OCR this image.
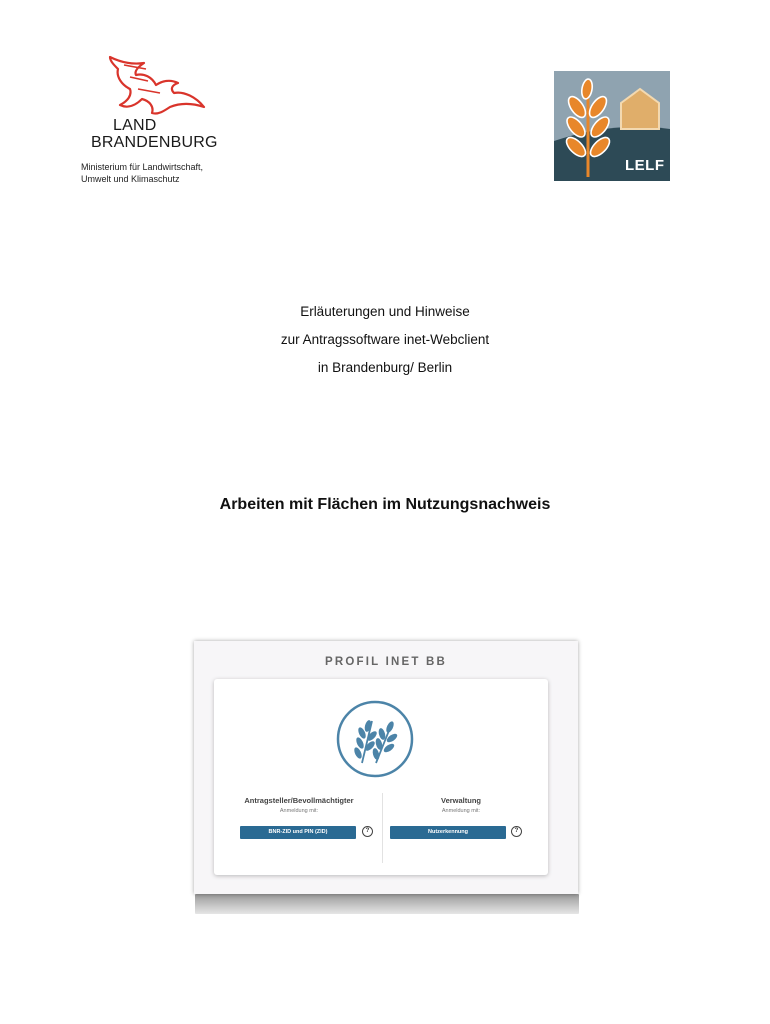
LAND
BRANDENBURG
Ministerium für Landwirtschaft,
Umwelt und Klimaschutz
LELF
Erläuterungen und Hinweise
zur Antragssoftware inet-Webclient
in Brandenburg/ Berlin
Arbeiten mit Flächen im Nutzungsnachweis
PROFIL INET BB
Antragsteller/Bevollmächtigter
Anmeldung mit:
BNR-ZID und PIN (ZID)	?
Verwaltung
Anmeldung mit:
Nutzerkennung	?
